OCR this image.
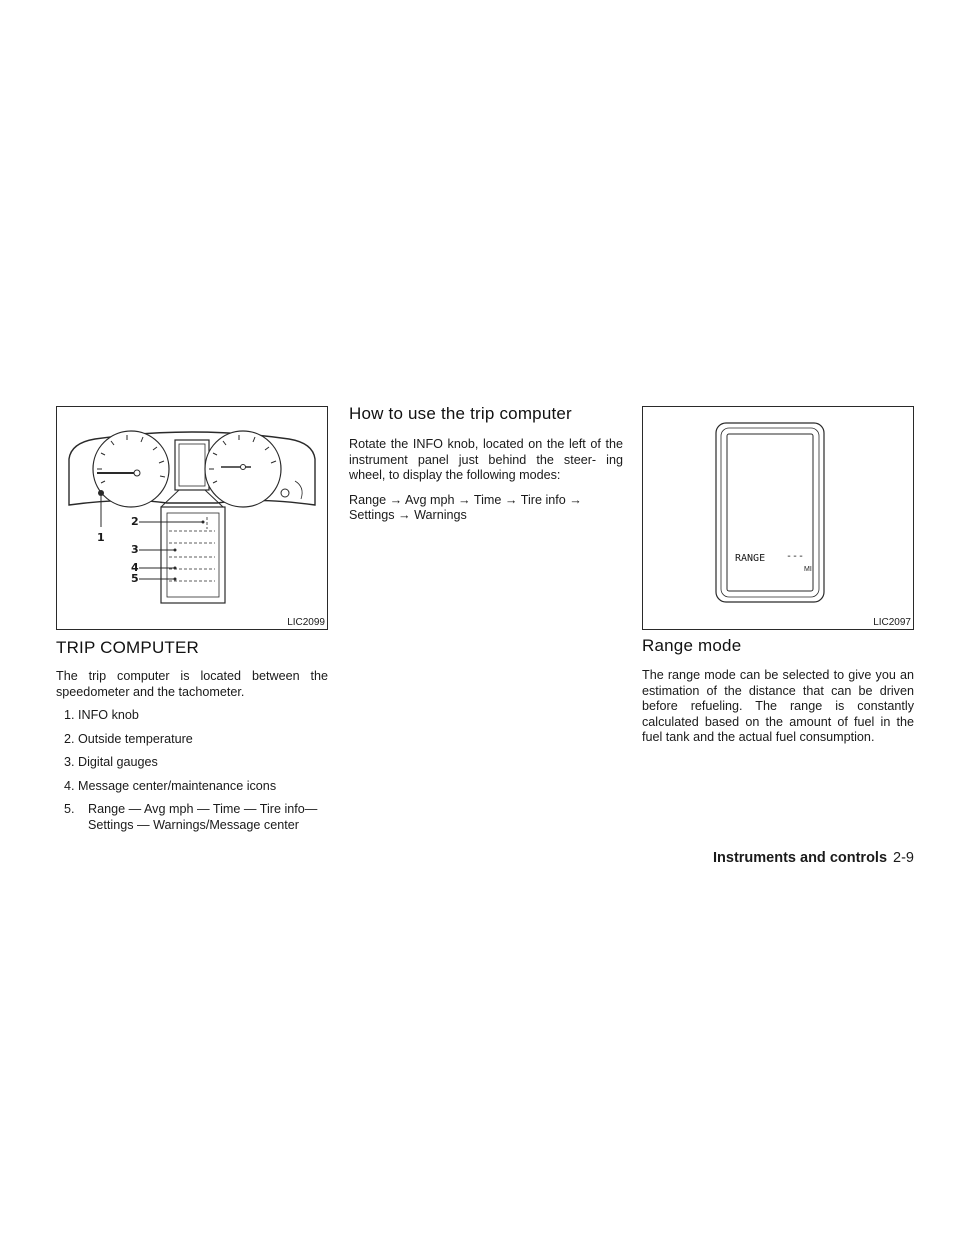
1
2
3
4
5
LIC2099
TRIP COMPUTER

The trip computer is located between the speedometer and the tachometer.

1. INFO knob
2. Outside temperature
3. Digital gauges
4. Message center/maintenance icons
5. Range — Avg mph — Time — Tire info— Settings — Warnings/Message center
How to use the trip computer

Rotate the INFO knob, located on the left of the instrument panel just behind the steer- ing wheel, to display the following modes:

Range → Avg mph → Time → Tire info → Settings → Warnings

RANGE ---
MI
LIC2097
Range mode

The range mode can be selected to give you an estimation of the distance that can be driven before refueling. The range is constantly calculated based on the amount of fuel in the fuel tank and the actual fuel consumption.

Instruments and controls 2-9
